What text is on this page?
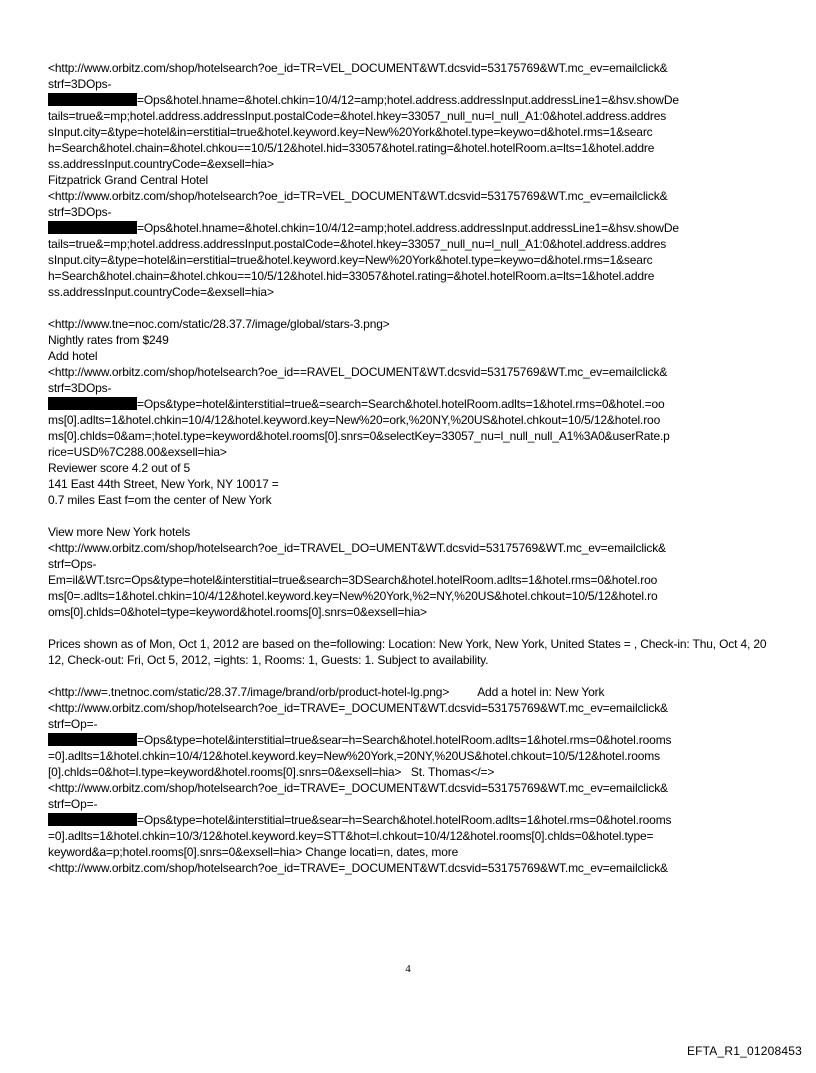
<http://www.orbitz.com/shop/hotelsearch?oe_id=TR=VEL_DOCUMENT&WT.dcsvid=53175769&WT.mc_ev=emailclick&

strf=3DOps-

=Ops&hotel.hname=&hotel.chkin=10/4/12=amp;hotel.address.addressInput.addressLine1=&hsv.showDe

tails=true&=mp;hotel.address.addressInput.postalCode=&hotel.hkey=33057_null_nu=l_null_A1:0&hotel.address.addres

sInput.city=&type=hotel&in=erstitial=true&hotel.keyword.key=New%20York&hotel.type=keywo=d&hotel.rms=1&searc

h=Search&hotel.chain=&hotel.chkou==10/5/12&hotel.hid=33057&hotel.rating=&hotel.hotelRoom.a=lts=1&hotel.addre

ss.addressInput.countryCode=&exsell=hia>

Fitzpatrick Grand Central Hotel

<http://www.orbitz.com/shop/hotelsearch?oe_id=TR=VEL_DOCUMENT&WT.dcsvid=53175769&WT.mc_ev=emailclick&

strf=3DOps-

=Ops&hotel.hname=&hotel.chkin=10/4/12=amp;hotel.address.addressInput.addressLine1=&hsv.showDe

tails=true&=mp;hotel.address.addressInput.postalCode=&hotel.hkey=33057_null_nu=l_null_A1:0&hotel.address.addres

sInput.city=&type=hotel&in=erstitial=true&hotel.keyword.key=New%20York&hotel.type=keywo=d&hotel.rms=1&searc

h=Search&hotel.chain=&hotel.chkou==10/5/12&hotel.hid=33057&hotel.rating=&hotel.hotelRoom.a=lts=1&hotel.addre

ss.addressInput.countryCode=&exsell=hia>

<http://www.tne=noc.com/static/28.37.7/image/global/stars-3.png>

Nightly rates from $249

Add hotel

<http://www.orbitz.com/shop/hotelsearch?oe_id==RAVEL_DOCUMENT&WT.dcsvid=53175769&WT.mc_ev=emailclick&

strf=3DOps-

=Ops&type=hotel&interstitial=true&=search=Search&hotel.hotelRoom.adlts=1&hotel.rms=0&hotel.=oo

ms[0].adlts=1&hotel.chkin=10/4/12&hotel.keyword.key=New%20=ork,%20NY,%20US&hotel.chkout=10/5/12&hotel.roo

ms[0].chlds=0&am=;hotel.type=keyword&hotel.rooms[0].snrs=0&selectKey=33057_nu=l_null_null_A1%3A0&userRate.p

rice=USD%7C288.00&exsell=hia>

Reviewer score 4.2 out of 5

141 East 44th Street, New York, NY 10017 =

0.7 miles East f=om the center of New York

View more New York hotels

<http://www.orbitz.com/shop/hotelsearch?oe_id=TRAVEL_DO=UMENT&WT.dcsvid=53175769&WT.mc_ev=emailclick&

strf=Ops-

Em=il&WT.tsrc=Ops&type=hotel&interstitial=true&search=3DSearch&hotel.hotelRoom.adlts=1&hotel.rms=0&hotel.roo

ms[0=.adlts=1&hotel.chkin=10/4/12&hotel.keyword.key=New%20York,%2=NY,%20US&hotel.chkout=10/5/12&hotel.ro

oms[0].chlds=0&hotel=type=keyword&hotel.rooms[0].snrs=0&exsell=hia>

Prices shown as of Mon, Oct 1, 2012 are based on the=following: Location: New York, New York, United States = , Check-in: Thu, Oct 4, 2012, Check-out: Fri, Oct 5, 2012, =ights: 1, Rooms: 1, Guests: 1. Subject to availability.

<http://ww=.tnetnoc.com/static/28.37.7/image/brand/orb/product-hotel-lg.png> Add a hotel in: New York

<http://www.orbitz.com/shop/hotelsearch?oe_id=TRAVE=_DOCUMENT&WT.dcsvid=53175769&WT.mc_ev=emailclick&

strf=Op=-

=Ops&type=hotel&interstitial=true&sear=h=Search&hotel.hotelRoom.adlts=1&hotel.rms=0&hotel.rooms

=0].adlts=1&hotel.chkin=10/4/12&hotel.keyword.key=New%20York,=20NY,%20US&hotel.chkout=10/5/12&hotel.rooms

[0].chlds=0&hot=l.type=keyword&hotel.rooms[0].snrs=0&exsell=hia> St. Thomas</=>

<http://www.orbitz.com/shop/hotelsearch?oe_id=TRAVE=_DOCUMENT&WT.dcsvid=53175769&WT.mc_ev=emailclick&

strf=Op=-

=Ops&type=hotel&interstitial=true&sear=h=Search&hotel.hotelRoom.adlts=1&hotel.rms=0&hotel.rooms

=0].adlts=1&hotel.chkin=10/3/12&hotel.keyword.key=STT&hot=l.chkout=10/4/12&hotel.rooms[0].chlds=0&hotel.type=

keyword&a=p;hotel.rooms[0].snrs=0&exsell=hia> Change locati=n, dates, more

<http://www.orbitz.com/shop/hotelsearch?oe_id=TRAVE=_DOCUMENT&WT.dcsvid=53175769&WT.mc_ev=emailclick&

4
EFTA_R1_01208453
